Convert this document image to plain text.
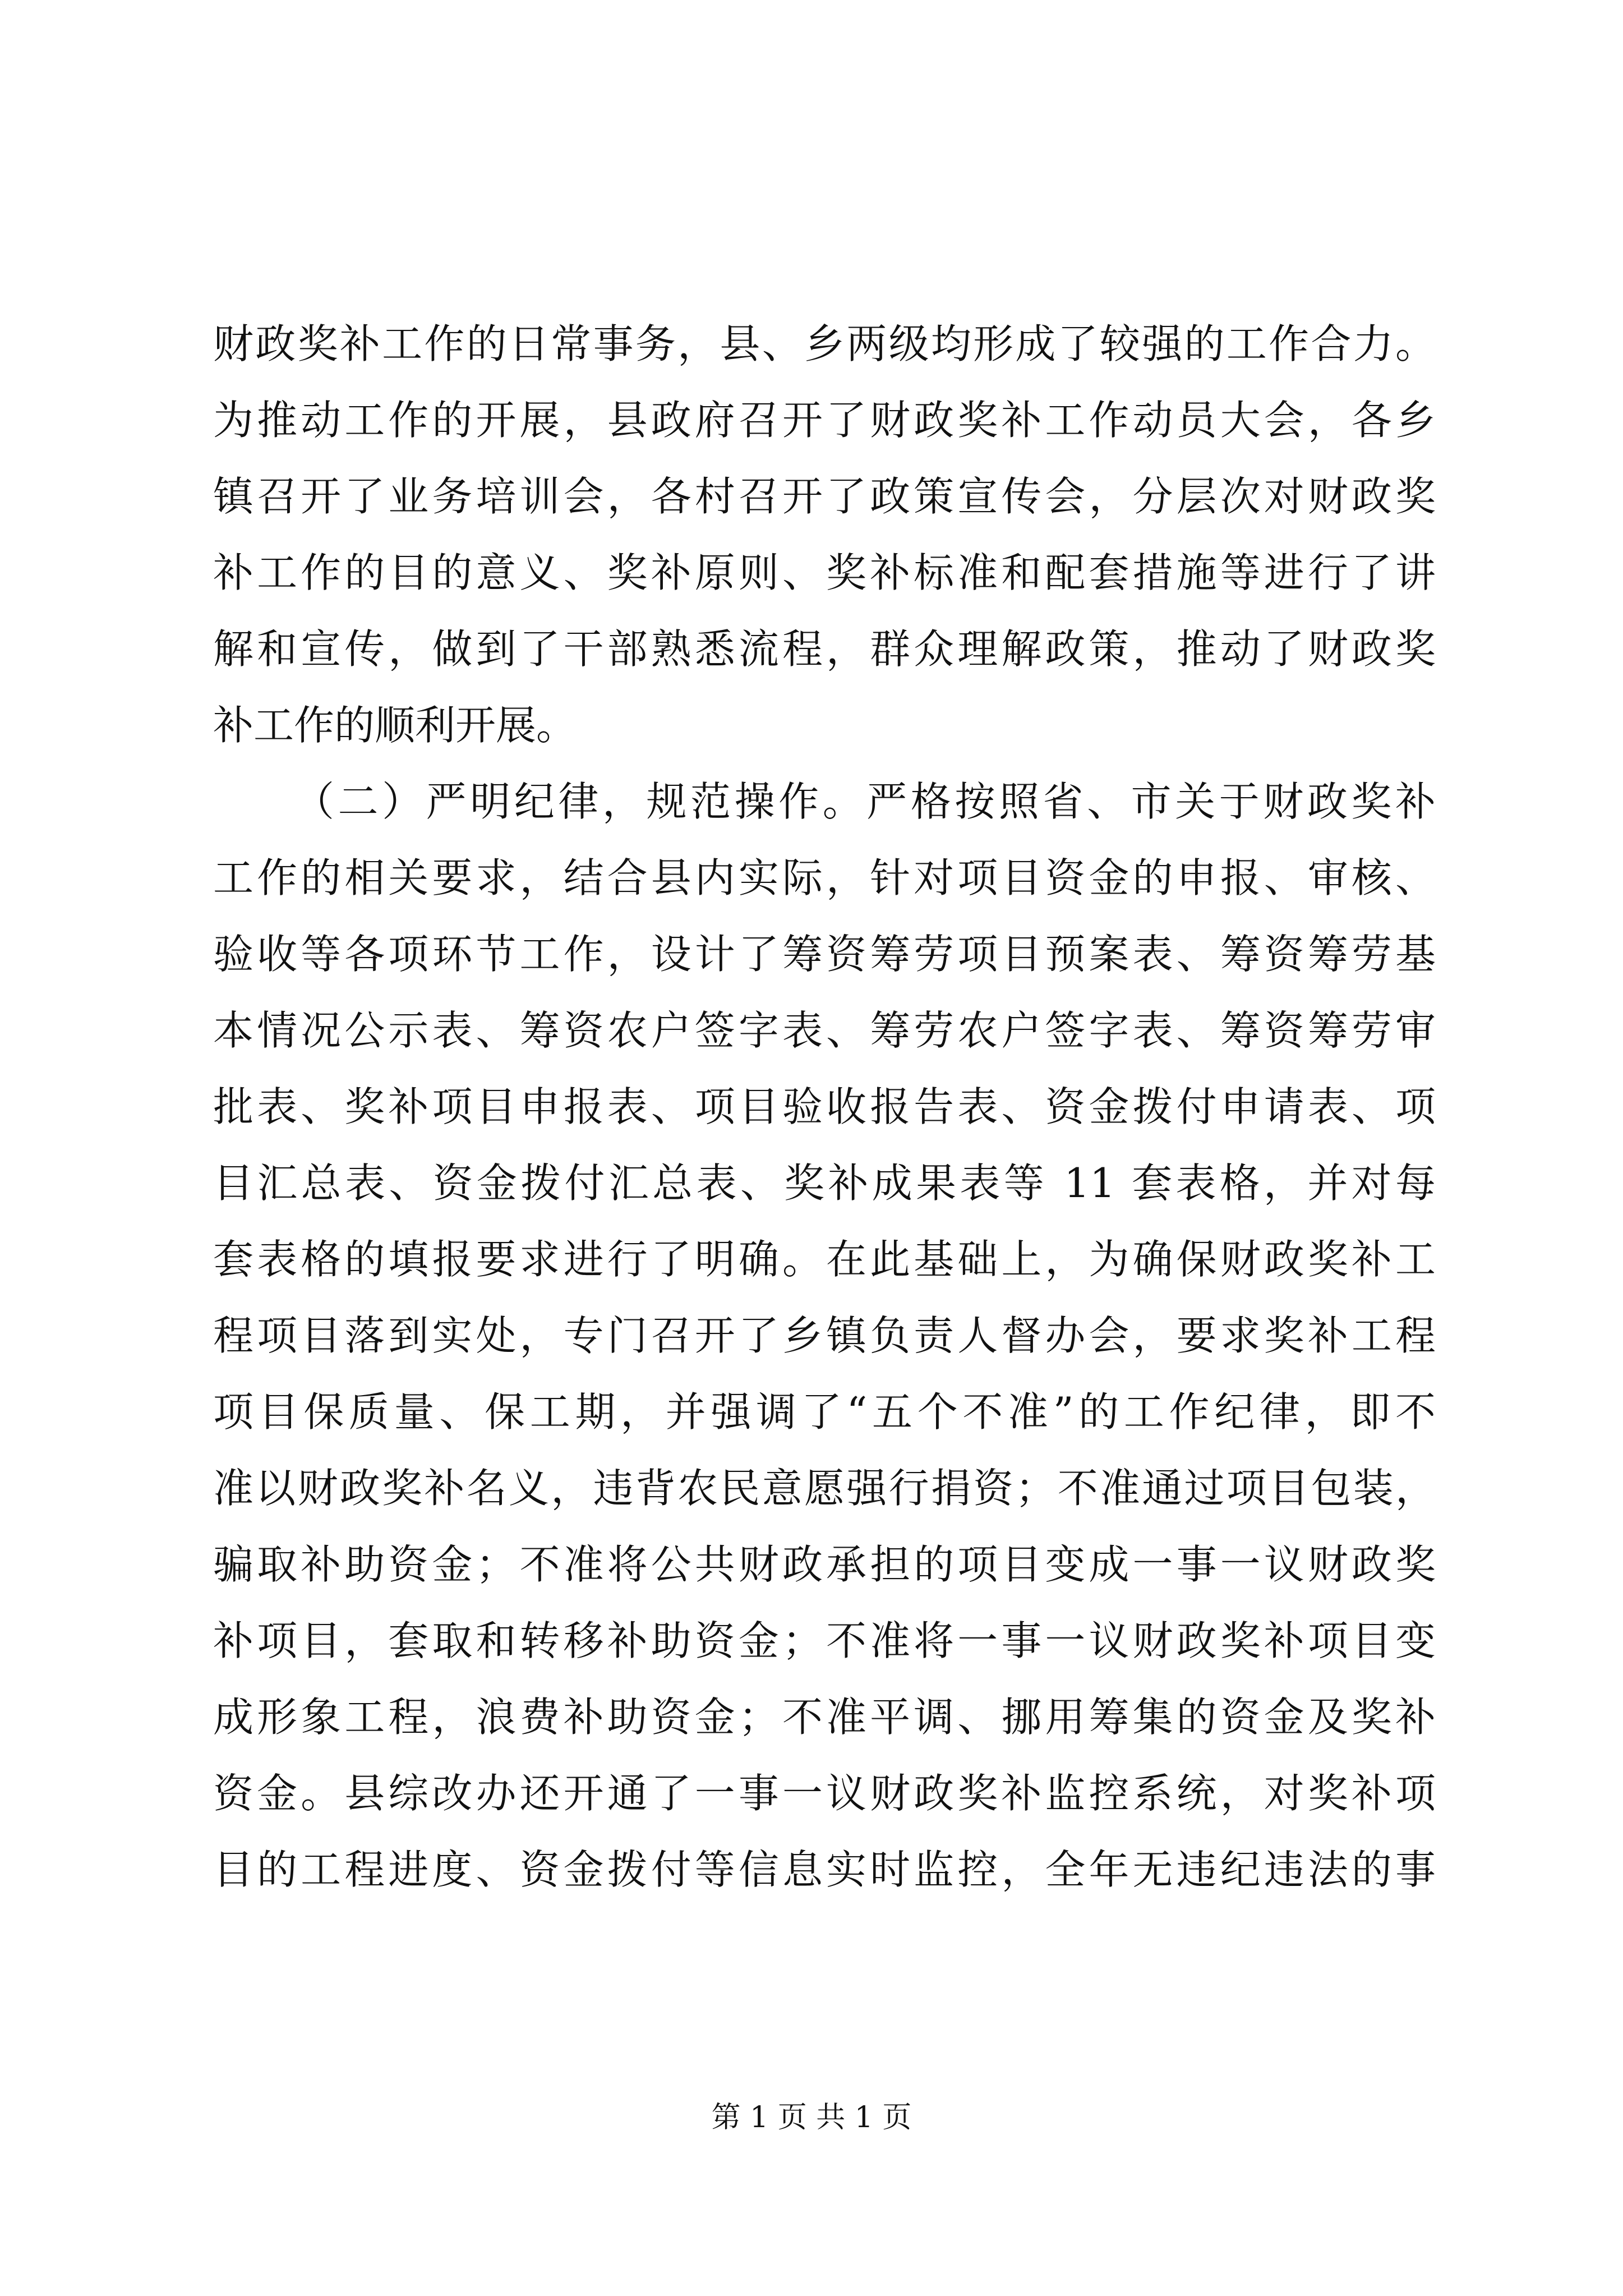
财政奖补工作的日常事务，县、乡两级均形成了较强的工作合力。
为推动工作的开展，县政府召开了财政奖补工作动员大会，各乡
镇召开了业务培训会，各村召开了政策宣传会，分层次对财政奖
补工作的目的意义、奖补原则、奖补标准和配套措施等进行了讲
解和宣传，做到了干部熟悉流程，群众理解政策，推动了财政奖
补工作的顺利开展。
（二）严明纪律，规范操作。严格按照省、市关于财政奖补
工作的相关要求，结合县内实际，针对项目资金的申报、审核、
验收等各项环节工作，设计了筹资筹劳项目预案表、筹资筹劳基
本情况公示表、筹资农户签字表、筹劳农户签字表、筹资筹劳审
批表、奖补项目申报表、项目验收报告表、资金拨付申请表、项
目汇总表、资金拨付汇总表、奖补成果表等 11 套表格，并对每
套表格的填报要求进行了明确。在此基础上，为确保财政奖补工
程项目落到实处，专门召开了乡镇负责人督办会，要求奖补工程
项目保质量、保工期，并强调了“五个不准”的工作纪律，即不
准以财政奖补名义，违背农民意愿强行捐资；不准通过项目包装，
骗取补助资金；不准将公共财政承担的项目变成一事一议财政奖
补项目，套取和转移补助资金；不准将一事一议财政奖补项目变
成形象工程，浪费补助资金；不准平调、挪用筹集的资金及奖补
资金。县综改办还开通了一事一议财政奖补监控系统，对奖补项
目的工程进度、资金拨付等信息实时监控，全年无违纪违法的事
第 1 页 共 1 页
